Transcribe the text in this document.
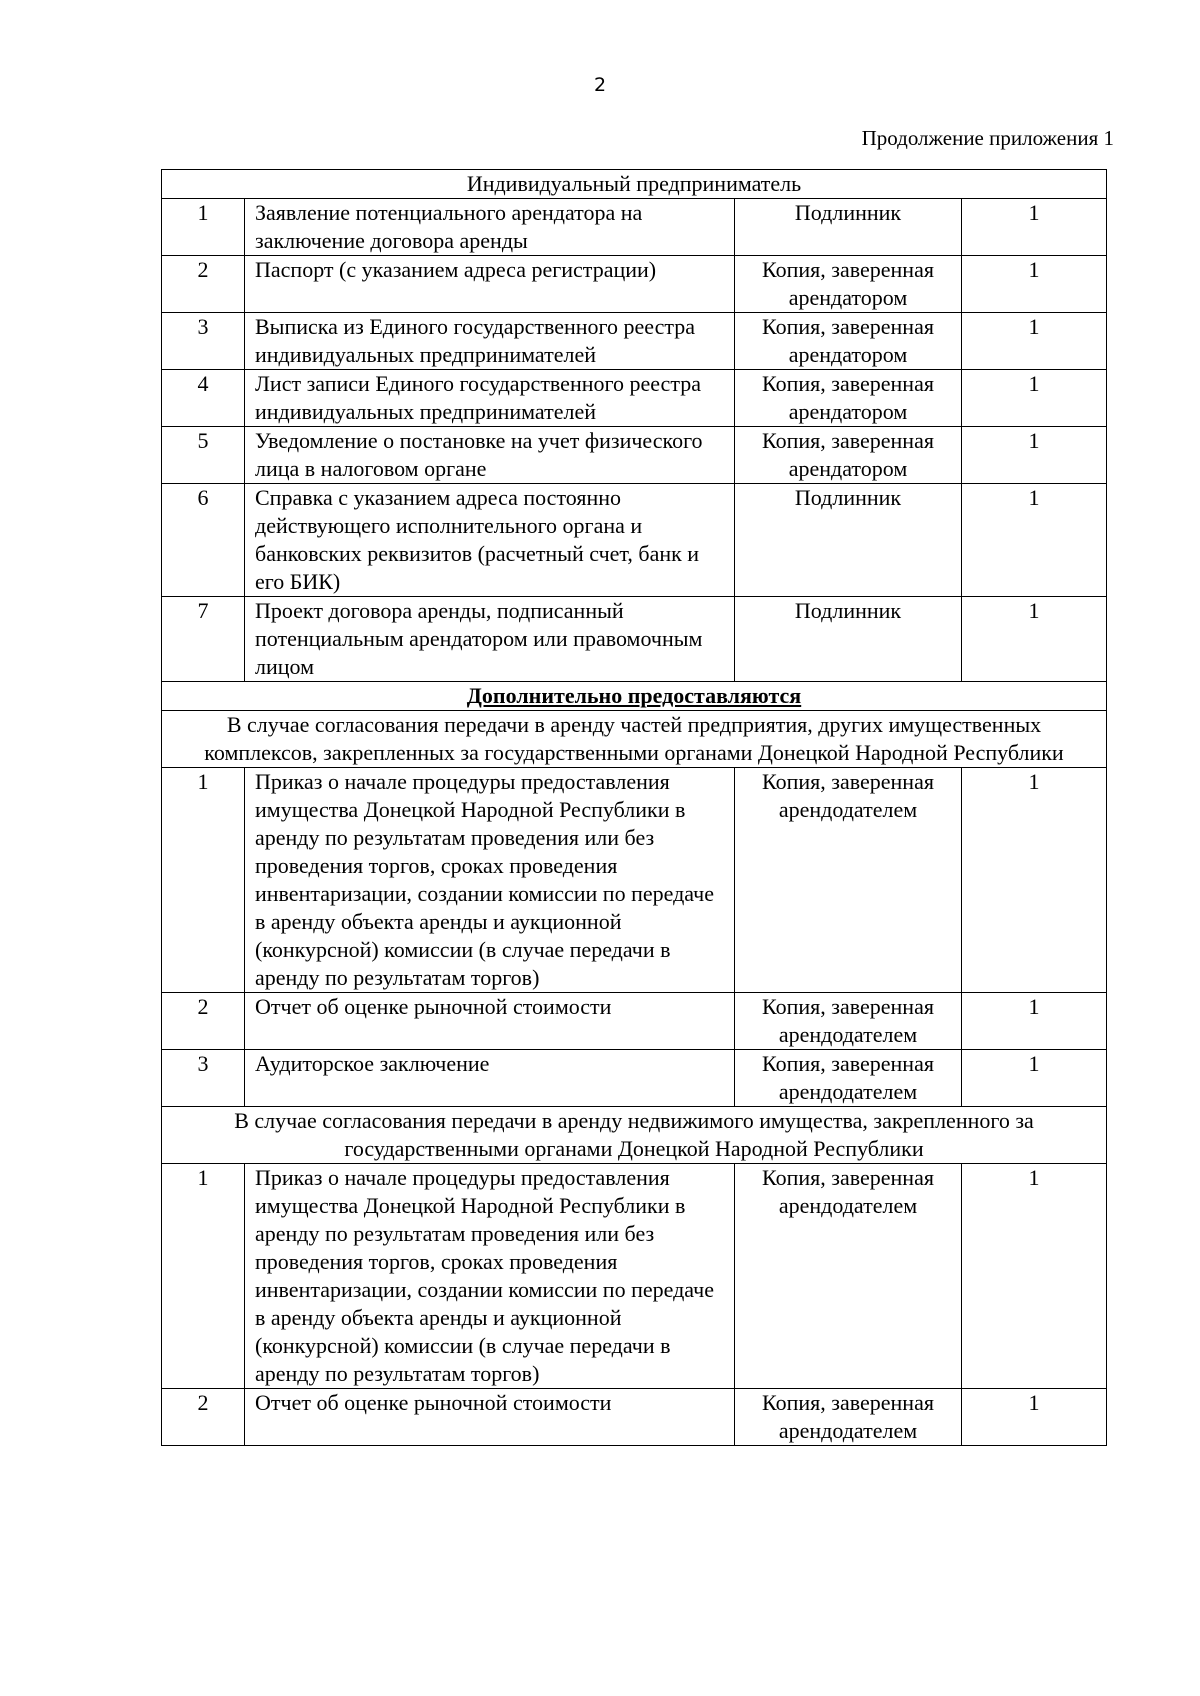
2
Продолжение приложения 1
Индивидуальный предприниматель			
1	Заявление потенциального арендатора на заключение договора аренды	Подлинник	1
2	Паспорт (с указанием адреса регистрации)	Копия, заверенная арендатором	1
3	Выписка из Единого государственного реестра индивидуальных предпринимателей	Копия, заверенная арендатором	1
4	Лист записи Единого государственного реестра индивидуальных предпринимателей	Копия, заверенная арендатором	1
5	Уведомление о постановке на учет физического лица в налоговом органе	Копия, заверенная арендатором	1
6	Справка с указанием адреса постоянно действующего исполнительного органа и банковских реквизитов (расчетный счет, банк и его БИК)	Подлинник	1
7	Проект договора аренды, подписанный потенциальным арендатором или правомочным лицом	Подлинник	1
Дополнительно предоставляются			
В случае согласования передачи в аренду частей предприятия, других имущественных комплексов, закрепленных за государственными органами Донецкой Народной Республики			
1	Приказ о начале процедуры предоставления имущества Донецкой Народной Республики в аренду по результатам проведения или без проведения торгов, сроках проведения инвентаризации, создании комиссии по передаче в аренду объекта аренды и аукционной (конкурсной) комиссии (в случае передачи в аренду по результатам торгов)	Копия, заверенная арендодателем	1
2	Отчет об оценке рыночной стоимости	Копия, заверенная арендодателем	1
3	Аудиторское заключение	Копия, заверенная арендодателем	1
В случае согласования передачи в аренду недвижимого имущества, закрепленного за государственными органами Донецкой Народной Республики			
1	Приказ о начале процедуры предоставления имущества Донецкой Народной Республики в аренду по результатам проведения или без проведения торгов, сроках проведения инвентаризации, создании комиссии по передаче в аренду объекта аренды и аукционной (конкурсной) комиссии (в случае передачи в аренду по результатам торгов)	Копия, заверенная арендодателем	1
2	Отчет об оценке рыночной стоимости	Копия, заверенная арендодателем	1
